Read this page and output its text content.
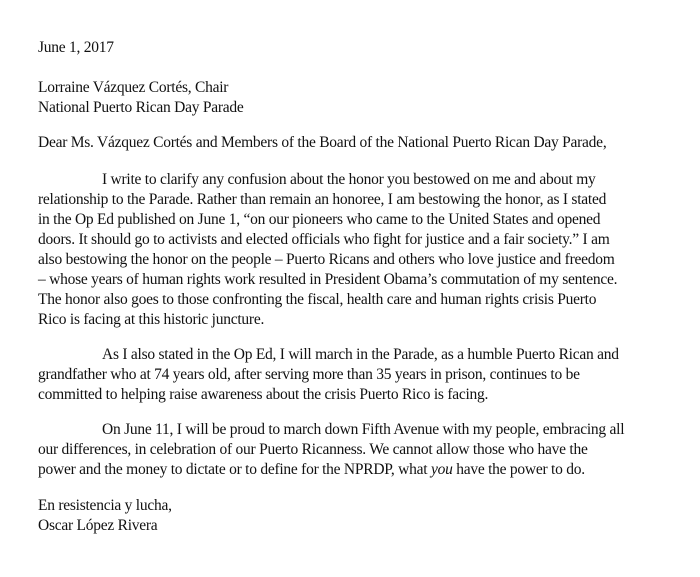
June 1, 2017

Lorraine Vázquez Cortés, Chair

National Puerto Rican Day Parade

Dear Ms. Vázquez Cortés and Members of the Board of the National Puerto Rican Day Parade,

I write to clarify any confusion about the honor you bestowed on me and about my

relationship to the Parade. Rather than remain an honoree, I am bestowing the honor, as I stated

in the Op Ed published on June 1, “on our pioneers who came to the United States and opened

doors. It should go to activists and elected officials who fight for justice and a fair society.” I am

also bestowing the honor on the people – Puerto Ricans and others who love justice and freedom

– whose years of human rights work resulted in President Obama’s commutation of my sentence.

The honor also goes to those confronting the fiscal, health care and human rights crisis Puerto

Rico is facing at this historic juncture.

As I also stated in the Op Ed, I will march in the Parade, as a humble Puerto Rican and

grandfather who at 74 years old, after serving more than 35 years in prison, continues to be

committed to helping raise awareness about the crisis Puerto Rico is facing.

On June 11, I will be proud to march down Fifth Avenue with my people, embracing all

our differences, in celebration of our Puerto Ricanness. We cannot allow those who have the

power and the money to dictate or to define for the NPRDP, what you have the power to do.

En resistencia y lucha,

Oscar López Rivera
